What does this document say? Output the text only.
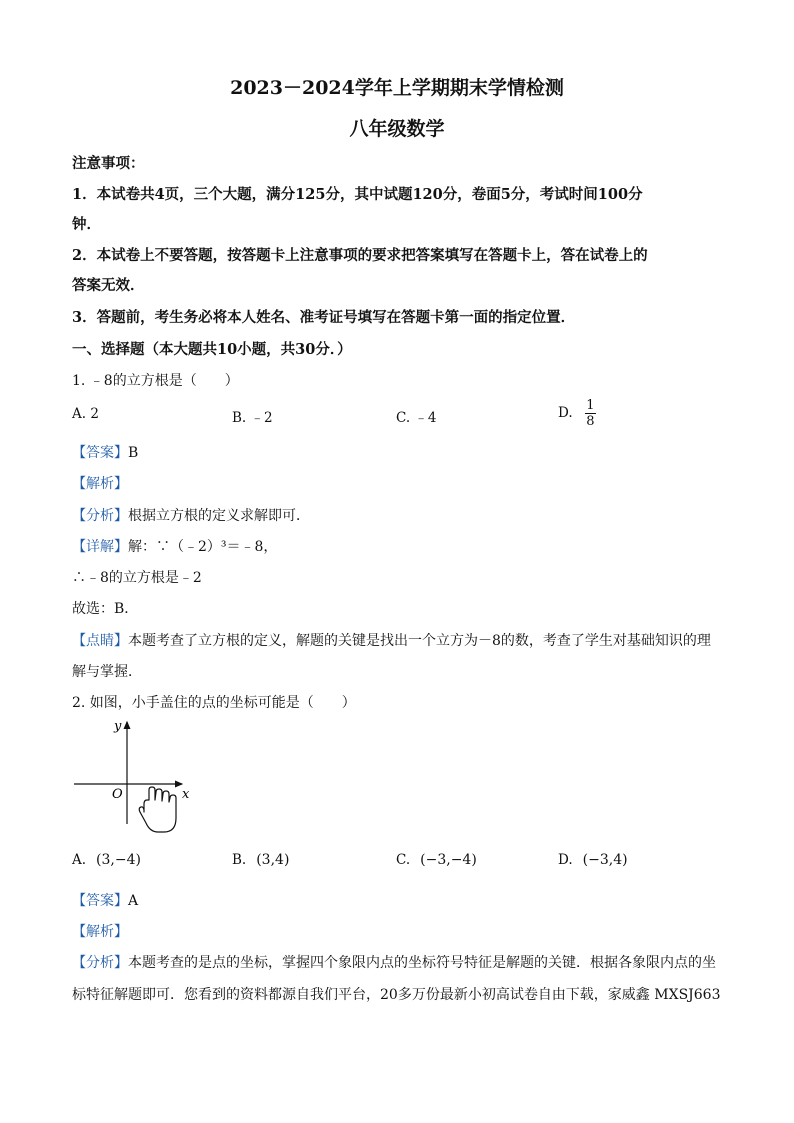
2023－2024学年上学期期末学情检测
八年级数学
注意事项：
1．本试卷共4页，三个大题，满分125分，其中试题120分，卷面5分，考试时间100分
钟．
2．本试卷上不要答题，按答题卡上注意事项的要求把答案填写在答题卡上，答在试卷上的
答案无效．
3．答题前，考生务必将本人姓名、准考证号填写在答题卡第一面的指定位置．
一、选择题（本大题共10小题，共30分．）
1. ﹣8的立方根是（　　）
A. 2	B. ﹣2	C. ﹣4	D. $\frac{1}{8}$
【答案】B
【解析】
【分析】根据立方根的定义求解即可．
【详解】解：∵（﹣2）³＝﹣8，
∴﹣8的立方根是﹣2
故选：B．
【点睛】本题考查了立方根的定义，解题的关键是找出一个立方为－8的数，考查了学生对基础知识的理
解与掌握．
2. 如图，小手盖住的点的坐标可能是（　　）
y
x
O
A. (3,−4)	B. (3,4)	C. (−3,−4)	D. (−3,4)
【答案】A
【解析】
【分析】本题考查的是点的坐标，掌握四个象限内点的坐标符号特征是解题的关键．根据各象限内点的坐
标特征解题即可．您看到的资料都源自我们平台，20多万份最新小初高试卷自由下载，家威鑫 MXSJ663
